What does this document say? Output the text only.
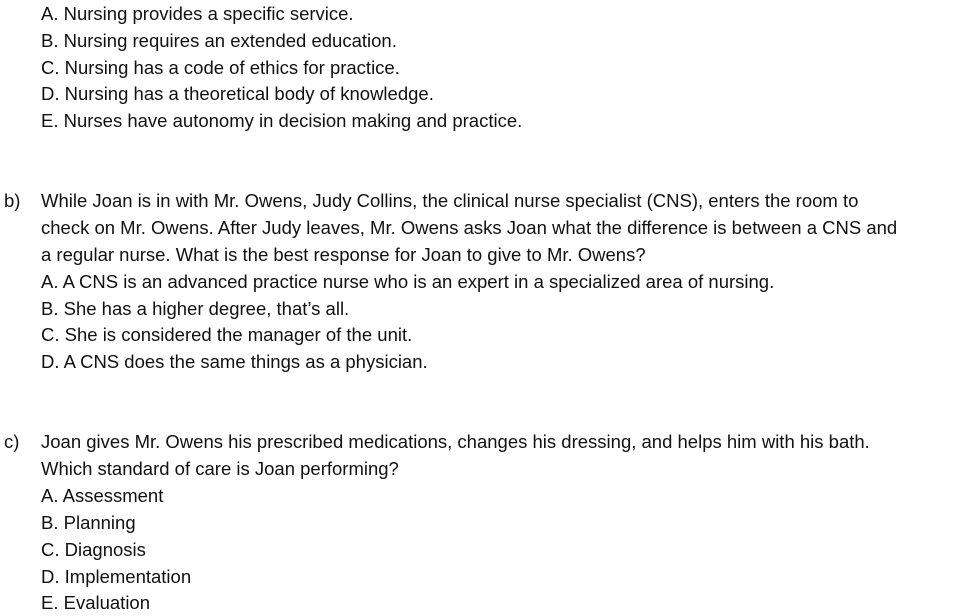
A. Nursing provides a specific service.
B. Nursing requires an extended education.
C. Nursing has a code of ethics for practice.
D. Nursing has a theoretical body of knowledge.
E. Nurses have autonomy in decision making and practice.
b) While Joan is in with Mr. Owens, Judy Collins, the clinical nurse specialist (CNS), enters the room to
check on Mr. Owens. After Judy leaves, Mr. Owens asks Joan what the difference is between a CNS and
a regular nurse. What is the best response for Joan to give to Mr. Owens?
A. A CNS is an advanced practice nurse who is an expert in a specialized area of nursing.
B. She has a higher degree, that’s all.
C. She is considered the manager of the unit.
D. A CNS does the same things as a physician.
c) Joan gives Mr. Owens his prescribed medications, changes his dressing, and helps him with his bath.
Which standard of care is Joan performing?
A. Assessment
B. Planning
C. Diagnosis
D. Implementation
E. Evaluation
